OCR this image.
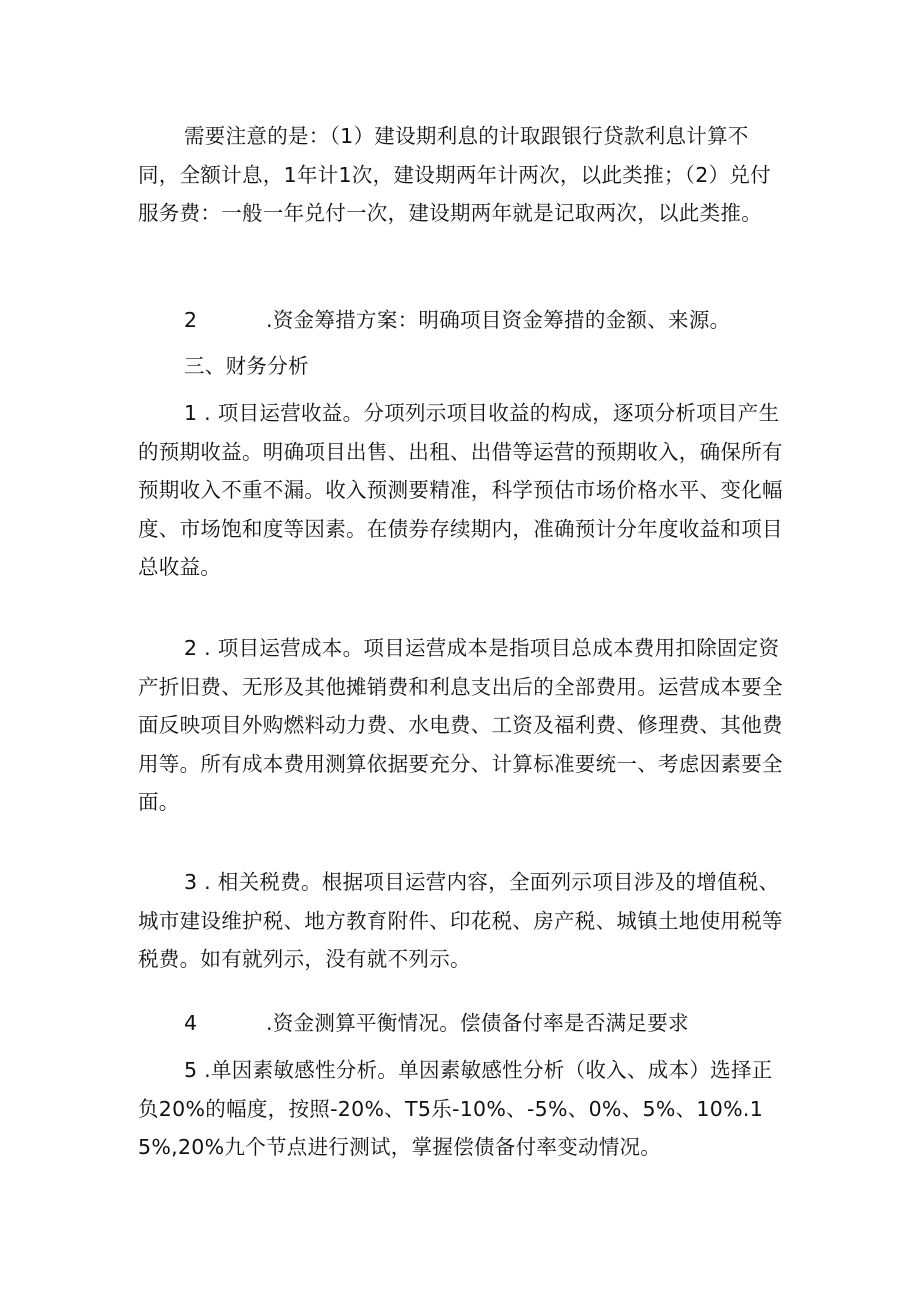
需要注意的是：（1）建设期利息的计取跟银行贷款利息计算不同，全额计息，1年计1次，建设期两年计两次，以此类推；（2）兑付服务费：一般一年兑付一次，建设期两年就是记取两次，以此类推。

2	.资金筹措方案：明确项目资金筹措的金额、来源。

三、财务分析

1 . 项目运营收益。分项列示项目收益的构成，逐项分析项目产生的预期收益。明确项目出售、出租、出借等运营的预期收入，确保所有预期收入不重不漏。收入预测要精准，科学预估市场价格水平、变化幅度、市场饱和度等因素。在债券存续期内，准确预计分年度收益和项目总收益。

2 . 项目运营成本。项目运营成本是指项目总成本费用扣除固定资产折旧费、无形及其他摊销费和利息支出后的全部费用。运营成本要全面反映项目外购燃料动力费、水电费、工资及福利费、修理费、其他费用等。所有成本费用测算依据要充分、计算标准要统一、考虑因素要全面。

3 . 相关税费。根据项目运营内容，全面列示项目涉及的增值税、城市建设维护税、地方教育附件、印花税、房产税、城镇土地使用税等税费。如有就列示，没有就不列示。

4	.资金测算平衡情况。偿债备付率是否满足要求

5 .单因素敏感性分析。单因素敏感性分析（收入、成本）选择正负20%的幅度，按照-20%、T5乐-10%、-5%、0%、5%、10%.15%,20%九个节点进行测试，掌握偿债备付率变动情况。
